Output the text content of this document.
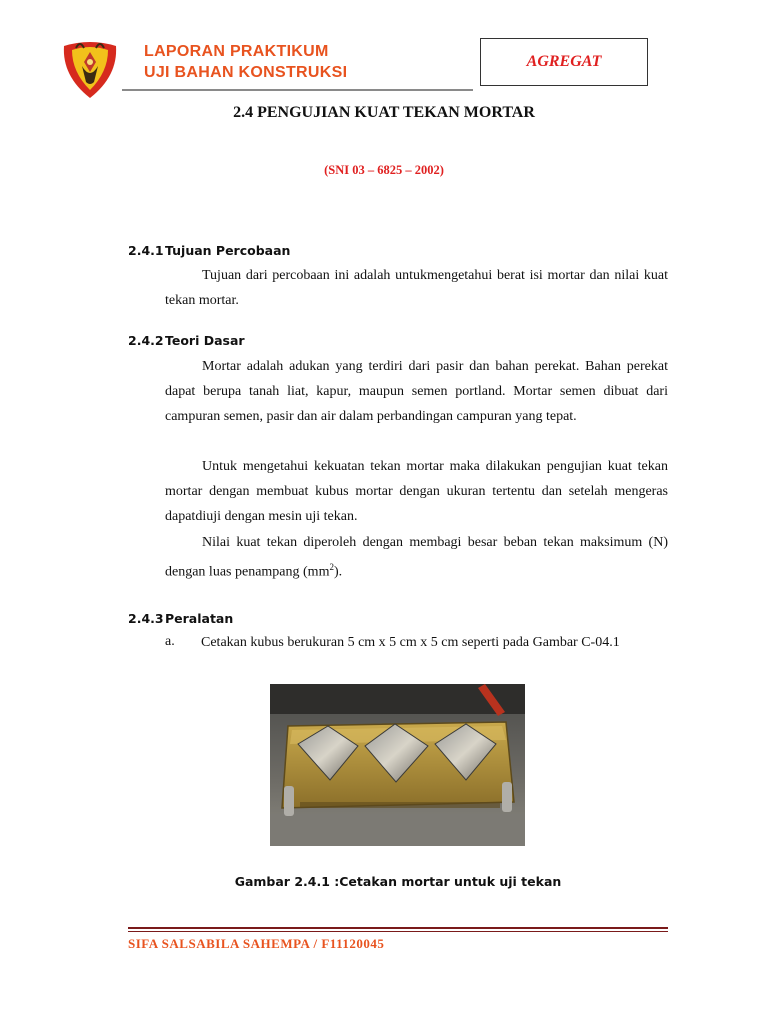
LAPORAN PRAKTIKUM
UJI BAHAN KONSTRUKSI
AGREGAT
2.4 PENGUJIAN KUAT TEKAN MORTAR
(SNI 03 – 6825 – 2002)
2.4.1Tujuan Percobaan

Tujuan dari percobaan ini adalah untukmengetahui berat isi mortar dan nilai kuat tekan mortar.

2.4.2Teori Dasar

Mortar adalah adukan yang terdiri dari pasir dan bahan perekat. Bahan perekat dapat berupa tanah liat, kapur, maupun semen portland. Mortar semen dibuat dari campuran semen, pasir dan air dalam perbandingan campuran yang tepat.

Untuk mengetahui kekuatan tekan mortar maka dilakukan pengujian kuat tekan mortar dengan membuat kubus mortar dengan ukuran tertentu dan setelah mengeras dapatdiuji dengan mesin uji tekan.

Nilai kuat tekan diperoleh dengan membagi besar beban tekan maksimum (N) dengan luas penampang $(mm^2)$.

2.4.3Peralatan
a. Cetakan kubus berukuran 5 cm x 5 cm x 5 cm seperti pada Gambar C-04.1

Gambar 2.4.1 :Cetakan mortar untuk uji tekan
SIFA SALSABILA SAHEMPA / F11120045
